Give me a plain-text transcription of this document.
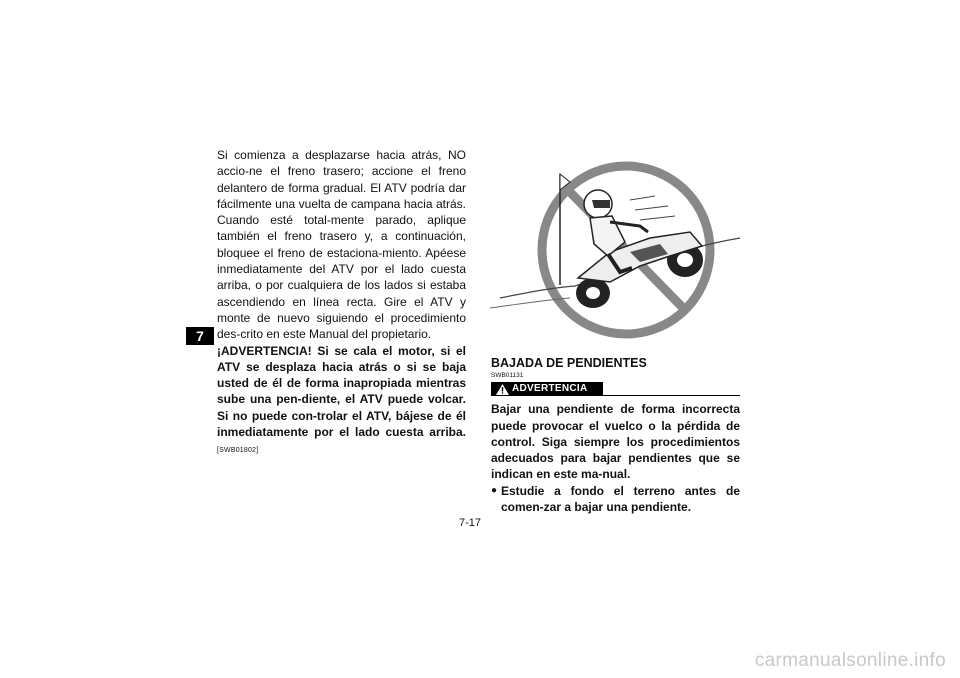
7

Si comienza a desplazarse hacia atrás, NO accio-ne el freno trasero; accione el freno delantero de forma gradual. El ATV podría dar fácilmente una vuelta de campana hacia atrás. Cuando esté total-mente parado, aplique también el freno trasero y, a continuación, bloquee el freno de estaciona-miento. Apéese inmediatamente del ATV por el lado cuesta arriba, o por cualquiera de los lados si estaba ascendiendo en línea recta. Gire el ATV y monte de nuevo siguiendo el procedimiento des-crito en este Manual del propietario.

¡ADVERTENCIA! Si se cala el motor, si el ATV se desplaza hacia atrás o si se baja usted de él de forma inapropiada mientras sube una pen-diente, el ATV puede volcar. Si no puede con-trolar el ATV, bájese de él inmediatamente por el lado cuesta arriba. [SWB01802]

BAJADA DE PENDIENTES
SWB01131
ADVERTENCIA
Bajar una pendiente de forma incorrecta puede provocar el vuelco o la pérdida de control. Siga siempre los procedimientos adecuados para bajar pendientes que se indican en este ma-nual.
● Estudie a fondo el terreno antes de comen-zar a bajar una pendiente.
7-17
carmanualsonline.info
